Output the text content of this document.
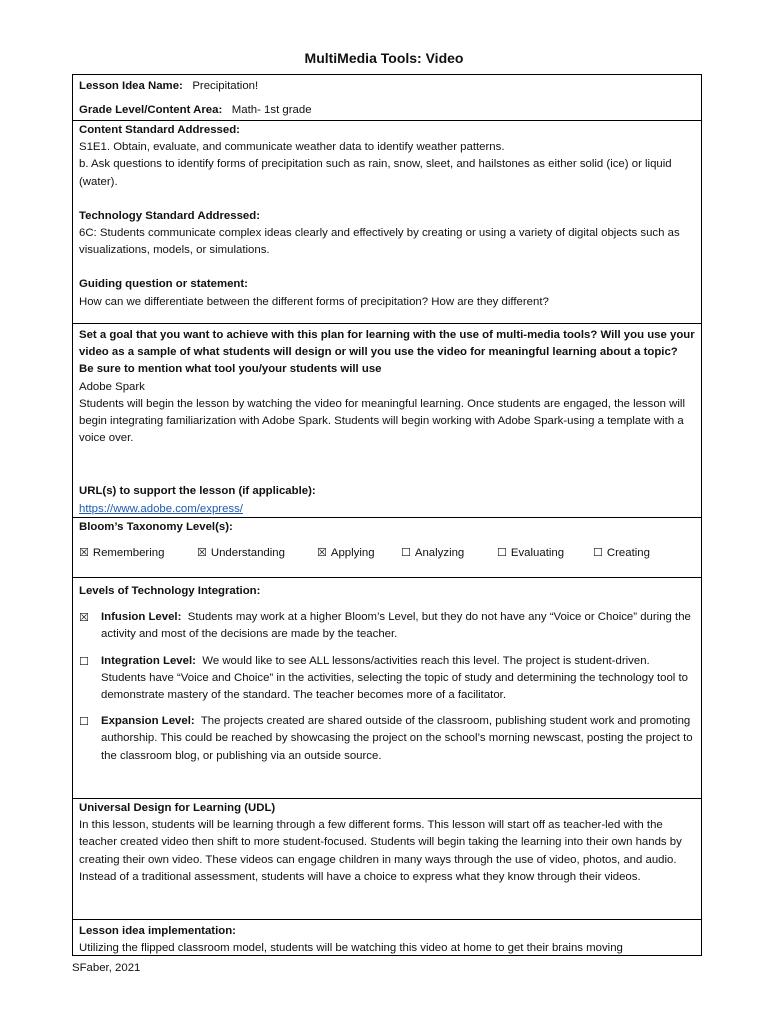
MultiMedia Tools: Video
Lesson Idea Name: Precipitation!
Grade Level/Content Area: Math- 1st grade
Content Standard Addressed:
S1E1. Obtain, evaluate, and communicate weather data to identify weather patterns.
b. Ask questions to identify forms of precipitation such as rain, snow, sleet, and hailstones as either solid (ice) or liquid (water).
Technology Standard Addressed:
6C: Students communicate complex ideas clearly and effectively by creating or using a variety of digital objects such as visualizations, models, or simulations.
Guiding question or statement:
How can we differentiate between the different forms of precipitation? How are they different?
Set a goal that you want to achieve with this plan for learning with the use of multi-media tools? Will you use your video as a sample of what students will design or will you use the video for meaningful learning about a topic? Be sure to mention what tool you/your students will use
Adobe Spark
Students will begin the lesson by watching the video for meaningful learning. Once students are engaged, the lesson will begin integrating familiarization with Adobe Spark. Students will begin working with Adobe Spark-using a template with a voice over.
URL(s) to support the lesson (if applicable):
https://www.adobe.com/express/
Bloom’s Taxonomy Level(s):
☒ Remembering	☒ Understanding	☒ Applying	☐ Analyzing	☐ Evaluating	☐ Creating
Levels of Technology Integration:
☒	Infusion Level: Students may work at a higher Bloom’s Level, but they do not have any “Voice or Choice” during the activity and most of the decisions are made by the teacher.
☐	Integration Level: We would like to see ALL lessons/activities reach this level. The project is student-driven. Students have “Voice and Choice” in the activities, selecting the topic of study and determining the technology tool to demonstrate mastery of the standard. The teacher becomes more of a facilitator.
☐	Expansion Level: The projects created are shared outside of the classroom, publishing student work and promoting authorship. This could be reached by showcasing the project on the school’s morning newscast, posting the project to the classroom blog, or publishing via an outside source.
Universal Design for Learning (UDL)
In this lesson, students will be learning through a few different forms. This lesson will start off as teacher-led with the teacher created video then shift to more student-focused. Students will begin taking the learning into their own hands by creating their own video. These videos can engage children in many ways through the use of video, photos, and audio. Instead of a traditional assessment, students will have a choice to express what they know through their videos.
Lesson idea implementation:
Utilizing the flipped classroom model, students will be watching this video at home to get their brains moving
SFaber, 2021
